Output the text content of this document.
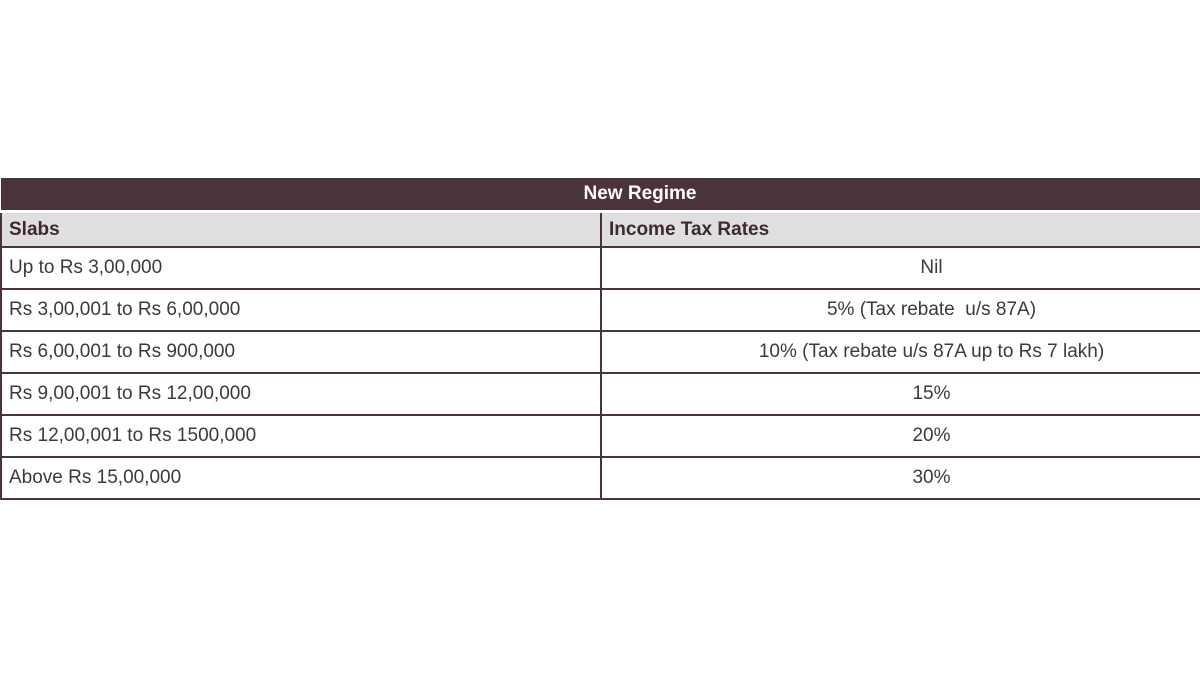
New Regime	
Slabs	Income Tax Rates
Up to Rs 3,00,000	Nil
Rs 3,00,001 to Rs 6,00,000	5% (Tax rebate  u/s 87A)
Rs 6,00,001 to Rs 900,000	10% (Tax rebate u/s 87A up to Rs 7 lakh)
Rs 9,00,001 to Rs 12,00,000	15%
Rs 12,00,001 to Rs 1500,000	20%
Above Rs 15,00,000	30%
